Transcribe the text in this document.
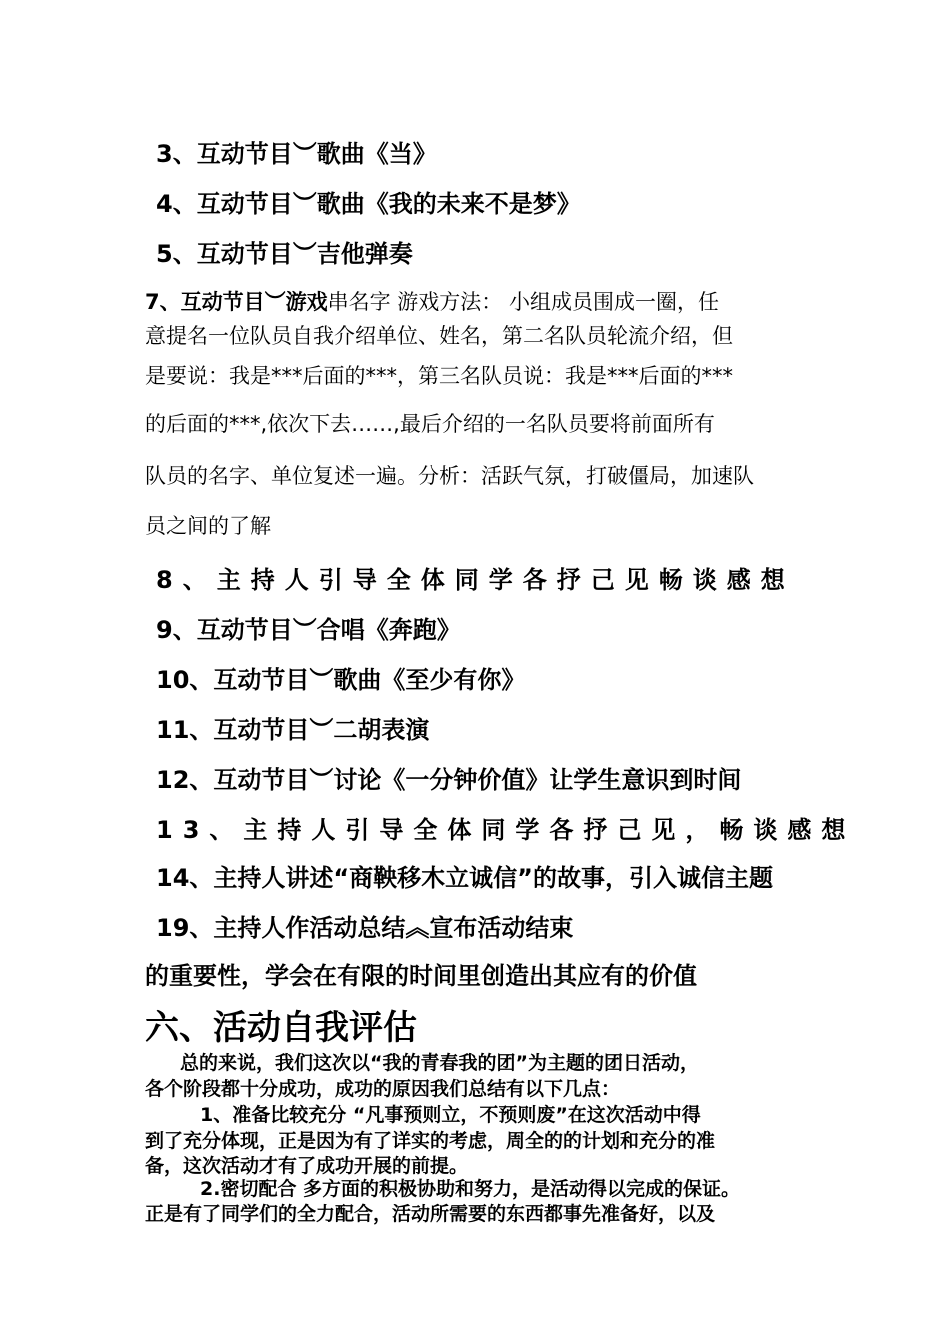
3、互动节目︶歌曲《当》
4、互动节目︶歌曲《我的未来不是梦》
5、互动节目︶吉他弹奏
7、互动节目︶游戏串名字 游戏方法： 小组成员围成一圈，任
意提名一位队员自我介绍单位、姓名，第二名队员轮流介绍，但
是要说：我是***后面的***，第三名队员说：我是***后面的***
的后面的***,依次下去……,最后介绍的一名队员要将前面所有
队员的名字、单位复述一遍。分析：活跃气氛，打破僵局，加速队
员之间的了解
8、主持人引导全体同学各抒己见畅谈感想
9、互动节目︶合唱《奔跑》
10、互动节目︶歌曲《至少有你》
11、互动节目︶二胡表演
12、互动节目︶讨论《一分钟价值》让学生意识到时间
13、主持人引导全体同学各抒己见，畅谈感想
14、主持人讲述“商鞅移木立诚信”的故事，引入诚信主题
19、主持人作活动总结︽宣布活动结束
的重要性，学会在有限的时间里创造出其应有的价值
六、活动自我评估
总的来说，我们这次以“我的青春我的团”为主题的团日活动，
各个阶段都十分成功，成功的原因我们总结有以下几点：
1、准备比较充分 “凡事预则立，不预则废”在这次活动中得
到了充分体现，正是因为有了详实的考虑，周全的的计划和充分的准
备，这次活动才有了成功开展的前提。
2.密切配合 多方面的积极协助和努力，是活动得以完成的保证。
正是有了同学们的全力配合，活动所需要的东西都事先准备好，以及
